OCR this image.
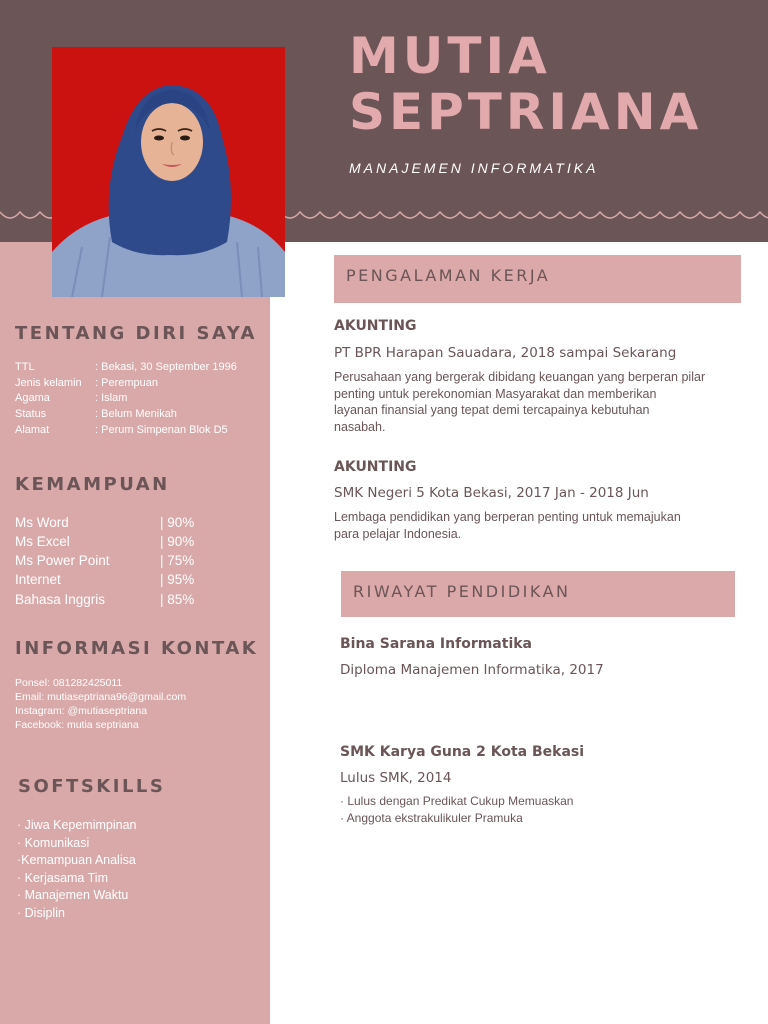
MUTIA
SEPTRIANA
MANAJEMEN INFORMATIKA
TENTANG DIRI SAYA
TTL	: Bekasi, 30 September 1996
Jenis kelamin : Perempuan
Agama	: Islam
Status	: Belum Menikah
Alamat	: Perum Simpenan Blok D5
KEMAMPUAN
Ms Word	| 90%
Ms Excel	| 90%
Ms Power Point	| 75%
Internet	| 95%
Bahasa Inggris	| 85%
INFORMASI KONTAK
Ponsel: 081282425011
Email: mutiaseptriana96@gmail.com
Instagram: @mutiaseptriana
Facebook: mutia septriana
SOFTSKILLS
· Jiwa Kepemimpinan
· Komunikasi
·Kemampuan Analisa
· Kerjasama Tim
· Manajemen Waktu
· Disiplin
PENGALAMAN KERJA
AKUNTING
PT BPR Harapan Sauadara, 2018 sampai Sekarang
Perusahaan yang bergerak dibidang keuangan yang berperan pilar
penting untuk perekonomian Masyarakat dan memberikan
layanan finansial yang tepat demi tercapainya kebutuhan
nasabah.
AKUNTING
SMK Negeri 5 Kota Bekasi, 2017 Jan - 2018 Jun
Lembaga pendidikan yang berperan penting untuk memajukan
para pelajar Indonesia.
RIWAYAT PENDIDIKAN
Bina Sarana Informatika
Diploma Manajemen Informatika, 2017
SMK Karya Guna 2 Kota Bekasi
Lulus SMK, 2014
· Lulus dengan Predikat Cukup Memuaskan
· Anggota ekstrakulikuler Pramuka
